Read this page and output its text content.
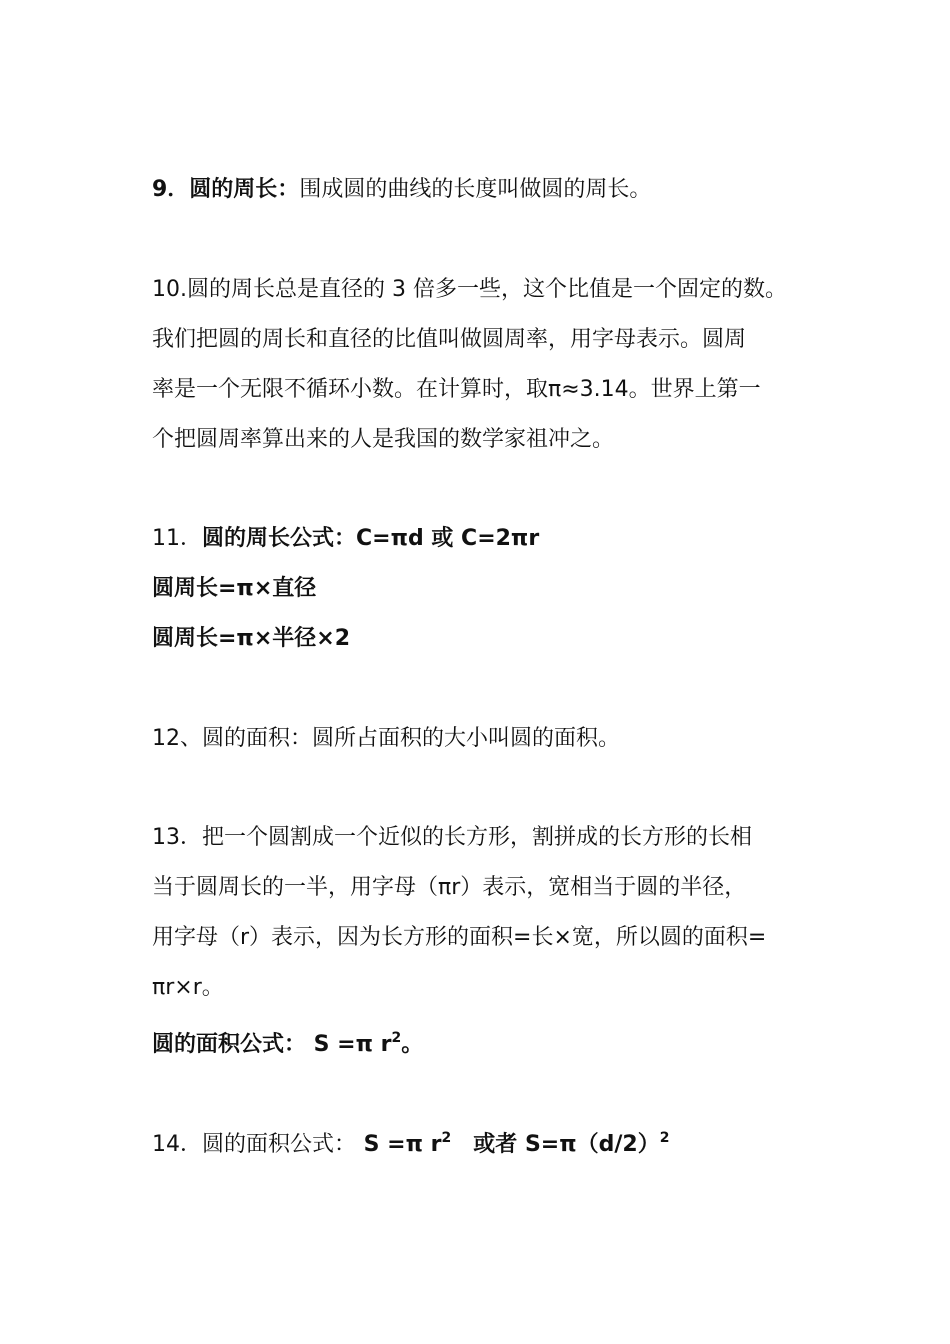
9．圆的周长：围成圆的曲线的长度叫做圆的周长。
10.圆的周长总是直径的 3 倍多一些，这个比值是一个固定的数。
我们把圆的周长和直径的比值叫做圆周率，用字母表示。圆周
率是一个无限不循环小数。在计算时，取π≈3.14。世界上第一
个把圆周率算出来的人是我国的数学家祖冲之。
11．圆的周长公式：C=πd 或 C=2πr
圆周长=π×直径
圆周长=π×半径×2
12、圆的面积：圆所占面积的大小叫圆的面积。
13．把一个圆割成一个近似的长方形，割拼成的长方形的长相
当于圆周长的一半，用字母（πr）表示，宽相当于圆的半径，
用字母（r）表示，因为长方形的面积=长×宽，所以圆的面积=
πr×r。
圆的面积公式： S =π $r^2$。
14．圆的面积公式： S =π $r^2$ 或者 $S=\pi(d/2)^2$
